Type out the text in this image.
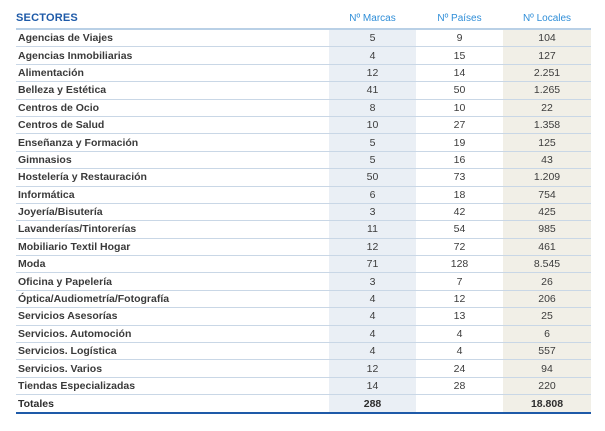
SECTORES	Nº Marcas	Nº Países	Nº Locales
Agencias de Viajes	5	9	104
Agencias Inmobiliarias	4	15	127
Alimentación	12	14	2.251
Belleza y Estética	41	50	1.265
Centros de Ocio	8	10	22
Centros de Salud	10	27	1.358
Enseñanza y Formación	5	19	125
Gimnasios	5	16	43
Hostelería y Restauración	50	73	1.209
Informática	6	18	754
Joyería/Bisutería	3	42	425
Lavanderías/Tintorerías	11	54	985
Mobiliario Textil Hogar	12	72	461
Moda	71	128	8.545
Oficina y Papelería	3	7	26
Óptica/Audiometría/Fotografía	4	12	206
Servicios Asesorías	4	13	25
Servicios. Automoción	4	4	6
Servicios. Logística	4	4	557
Servicios. Varios	12	24	94
Tiendas Especializadas	14	28	220
Totales	288		18.808
